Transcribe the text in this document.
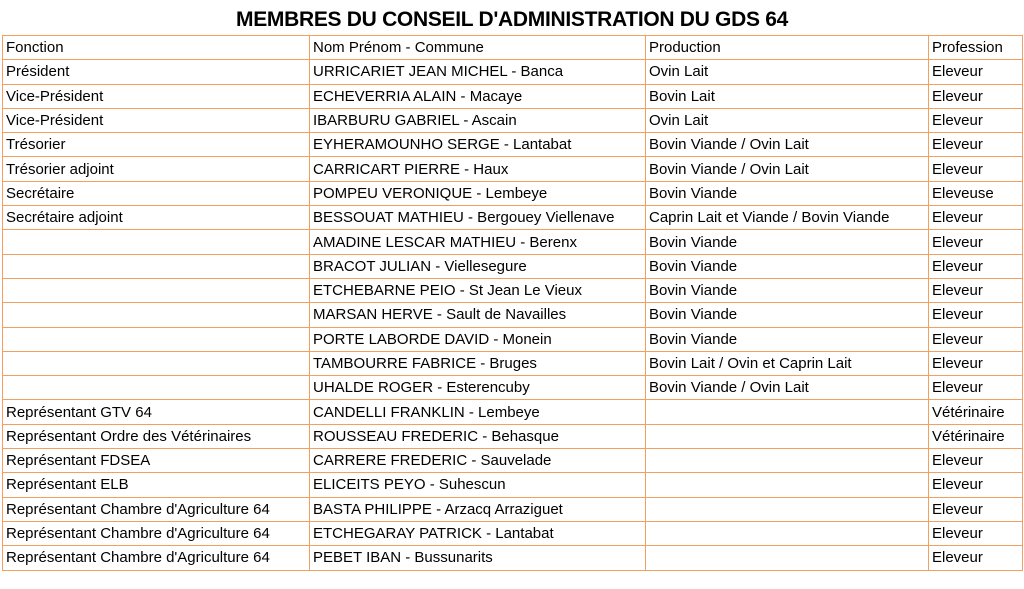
MEMBRES DU CONSEIL D'ADMINISTRATION DU GDS 64
Fonction	Nom Prénom - Commune	Production	Profession
Président	URRICARIET JEAN MICHEL - Banca	Ovin Lait	Eleveur
Vice-Président	ECHEVERRIA ALAIN - Macaye	Bovin Lait	Eleveur
Vice-Président	IBARBURU GABRIEL - Ascain	Ovin Lait	Eleveur
Trésorier	EYHERAMOUNHO SERGE - Lantabat	Bovin Viande / Ovin Lait	Eleveur
Trésorier adjoint	CARRICART PIERRE - Haux	Bovin Viande / Ovin Lait	Eleveur
Secrétaire	POMPEU VERONIQUE - Lembeye	Bovin Viande	Eleveuse
Secrétaire adjoint	BESSOUAT MATHIEU - Bergouey Viellenave	Caprin Lait et Viande / Bovin Viande	Eleveur
	AMADINE LESCAR MATHIEU - Berenx	Bovin Viande	Eleveur
	BRACOT JULIAN - Viellesegure	Bovin Viande	Eleveur
	ETCHEBARNE PEIO - St Jean Le Vieux	Bovin Viande	Eleveur
	MARSAN HERVE - Sault de Navailles	Bovin Viande	Eleveur
	PORTE LABORDE DAVID - Monein	Bovin Viande	Eleveur
	TAMBOURRE FABRICE - Bruges	Bovin Lait / Ovin et Caprin Lait	Eleveur
	UHALDE ROGER - Esterencuby	Bovin Viande / Ovin Lait	Eleveur
Représentant GTV 64	CANDELLI FRANKLIN - Lembeye		Vétérinaire
Représentant Ordre des Vétérinaires	ROUSSEAU FREDERIC - Behasque		Vétérinaire
Représentant FDSEA	CARRERE FREDERIC - Sauvelade		Eleveur
Représentant ELB	ELICEITS PEYO - Suhescun		Eleveur
Représentant Chambre d'Agriculture 64	BASTA PHILIPPE - Arzacq Arraziguet		Eleveur
Représentant Chambre d'Agriculture 64	ETCHEGARAY PATRICK - Lantabat		Eleveur
Représentant Chambre d'Agriculture 64	PEBET IBAN - Bussunarits		Eleveur
